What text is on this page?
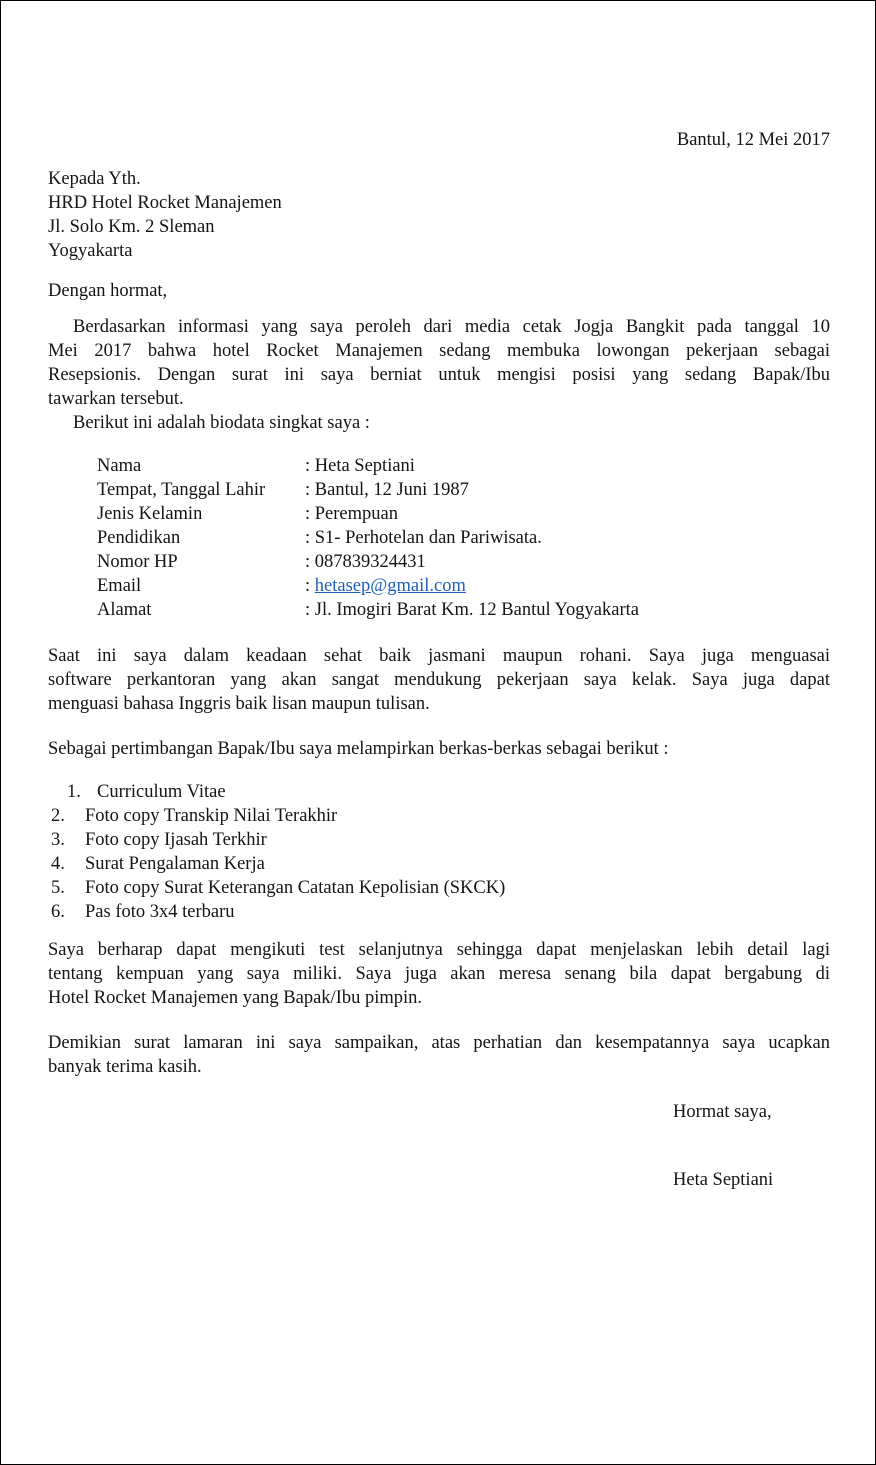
Bantul, 12 Mei 2017
Kepada Yth.
HRD Hotel Rocket Manajemen
Jl. Solo Km. 2 Sleman
Yogyakarta
Dengan hormat,
Berdasarkan informasi yang saya peroleh dari media cetak Jogja Bangkit pada tanggal 10
Mei 2017 bahwa hotel Rocket Manajemen sedang membuka lowongan pekerjaan sebagai
Resepsionis. Dengan surat ini saya berniat untuk mengisi posisi yang sedang Bapak/Ibu
tawarkan tersebut.
Berikut ini adalah biodata singkat saya :
Nama	: Heta Septiani
Tempat, Tanggal Lahir : Bantul, 12 Juni 1987
Jenis Kelamin	: Perempuan
Pendidikan	: S1- Perhotelan dan Pariwisata.
Nomor HP	: 087839324431
Email	: hetasep@gmail.com
Alamat	: Jl. Imogiri Barat Km. 12 Bantul Yogyakarta
Saat ini saya dalam keadaan sehat baik jasmani maupun rohani. Saya juga menguasai
software perkantoran yang akan sangat mendukung pekerjaan saya kelak. Saya juga dapat
menguasi bahasa Inggris baik lisan maupun tulisan.
Sebagai pertimbangan Bapak/Ibu saya melampirkan berkas-berkas sebagai berikut :
1. Curriculum Vitae
2. Foto copy Transkip Nilai Terakhir
3. Foto copy Ijasah Terkhir
4. Surat Pengalaman Kerja
5. Foto copy Surat Keterangan Catatan Kepolisian (SKCK)
6. Pas foto 3x4 terbaru
Saya berharap dapat mengikuti test selanjutnya sehingga dapat menjelaskan lebih detail lagi
tentang kempuan yang saya miliki. Saya juga akan meresa senang bila dapat bergabung di
Hotel Rocket Manajemen yang Bapak/Ibu pimpin.
Demikian surat lamaran ini saya sampaikan, atas perhatian dan kesempatannya saya ucapkan
banyak terima kasih.
Hormat saya,
Heta Septiani
